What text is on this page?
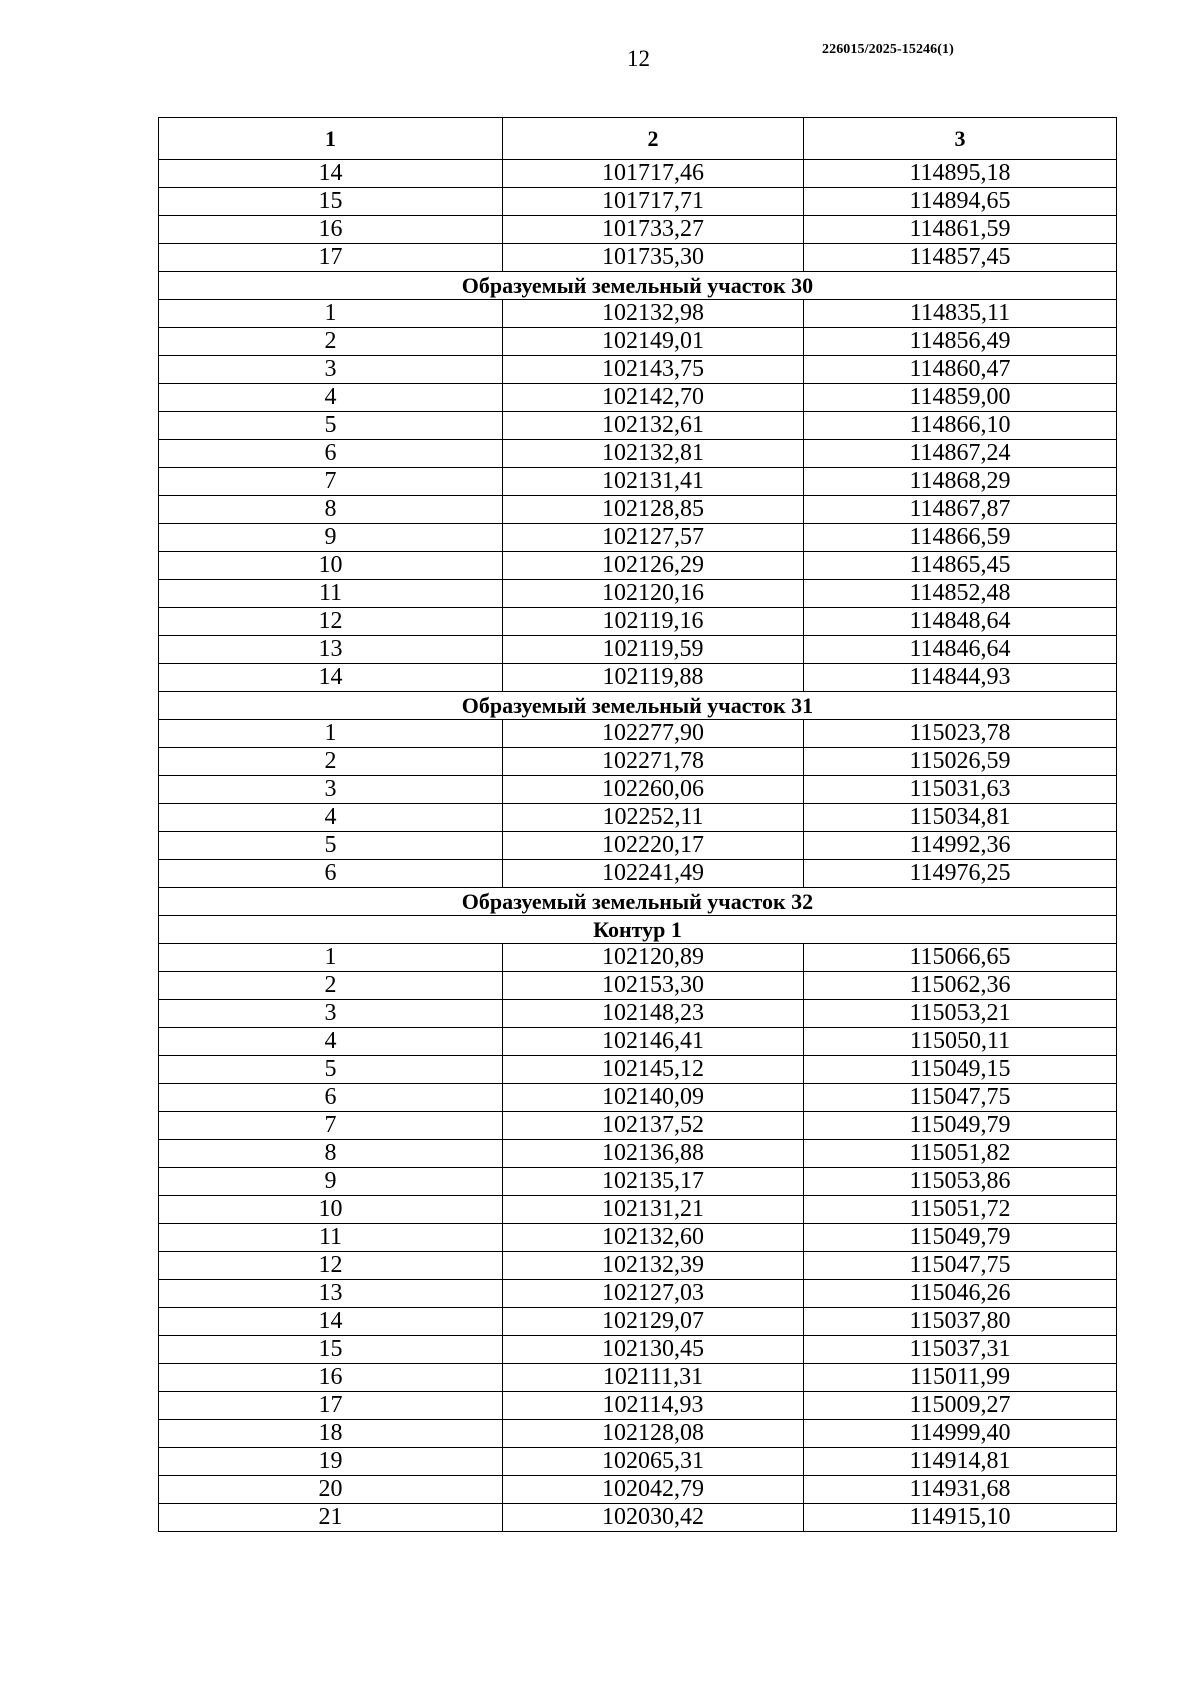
12	226015/2025-15246(1)
1	2	3
14	101717,46	114895,18
15	101717,71	114894,65
16	101733,27	114861,59
17	101735,30	114857,45
Образуемый земельный участок 30		
1	102132,98	114835,11
2	102149,01	114856,49
3	102143,75	114860,47
4	102142,70	114859,00
5	102132,61	114866,10
6	102132,81	114867,24
7	102131,41	114868,29
8	102128,85	114867,87
9	102127,57	114866,59
10	102126,29	114865,45
11	102120,16	114852,48
12	102119,16	114848,64
13	102119,59	114846,64
14	102119,88	114844,93
Образуемый земельный участок 31		
1	102277,90	115023,78
2	102271,78	115026,59
3	102260,06	115031,63
4	102252,11	115034,81
5	102220,17	114992,36
6	102241,49	114976,25
Образуемый земельный участок 32		
Контур 1		
1	102120,89	115066,65
2	102153,30	115062,36
3	102148,23	115053,21
4	102146,41	115050,11
5	102145,12	115049,15
6	102140,09	115047,75
7	102137,52	115049,79
8	102136,88	115051,82
9	102135,17	115053,86
10	102131,21	115051,72
11	102132,60	115049,79
12	102132,39	115047,75
13	102127,03	115046,26
14	102129,07	115037,80
15	102130,45	115037,31
16	102111,31	115011,99
17	102114,93	115009,27
18	102128,08	114999,40
19	102065,31	114914,81
20	102042,79	114931,68
21	102030,42	114915,10
